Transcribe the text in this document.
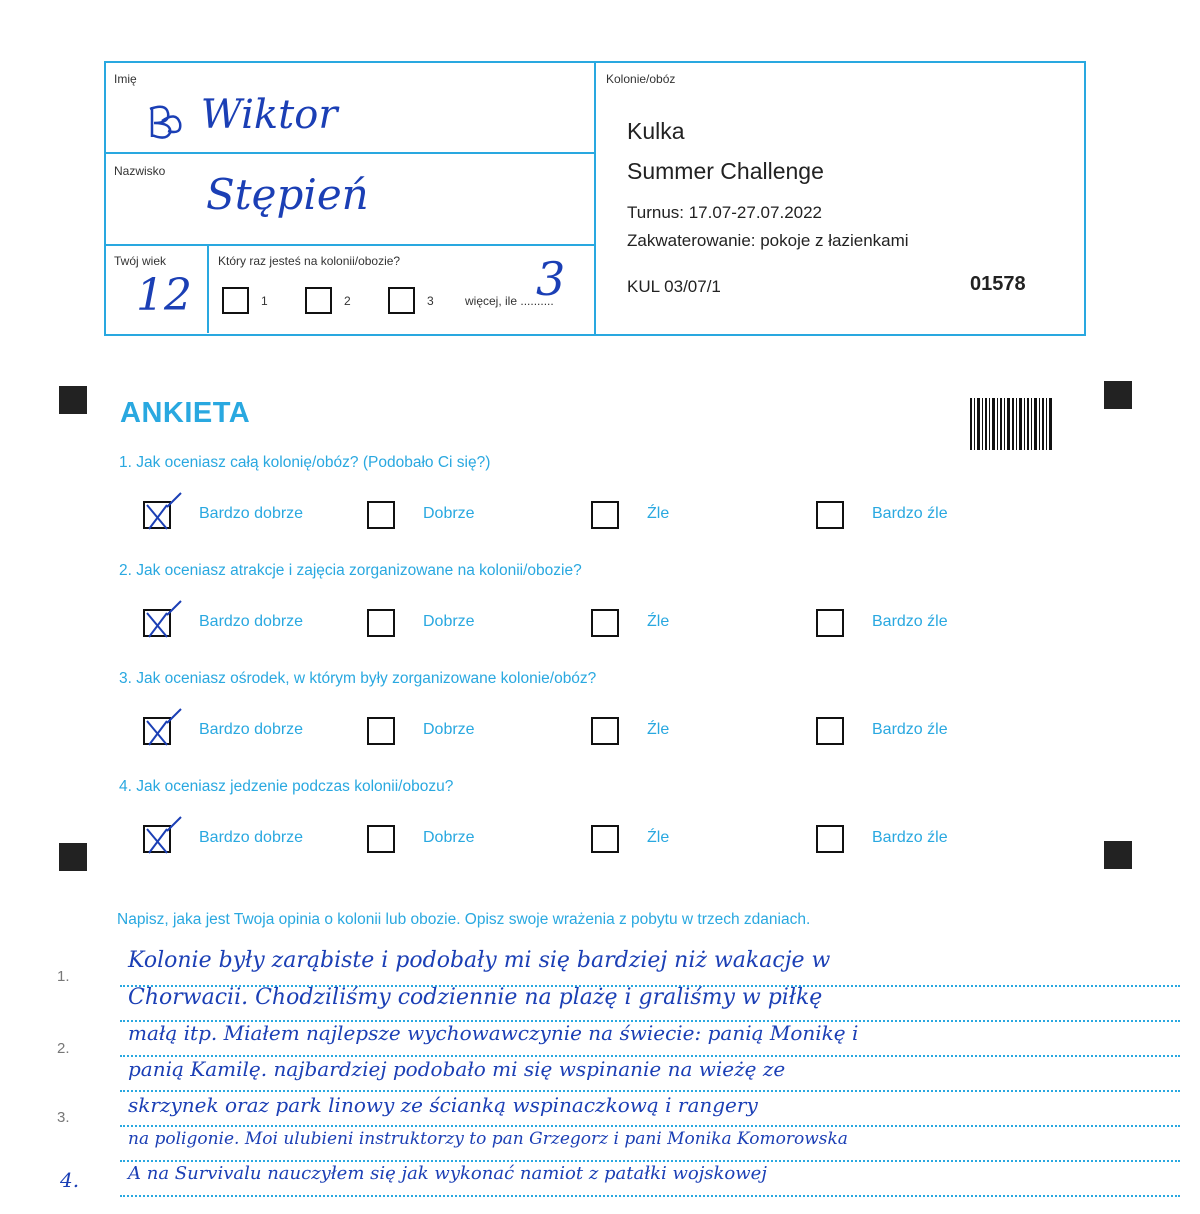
Imię
Wiktor
Nazwisko Stępień
Twój wiek
12
Który raz jesteś na kolonii/obozie?
1	2	3	więcej, ile ..........
3
Kolonie/obóz
Kulka
Summer Challenge
Turnus: 17.07-27.07.2022
Zakwaterowanie: pokoje z łazienkami
KUL 03/07/1	01578
ANKIETA
1. Jak oceniasz całą kolonię/obóz? (Podobało Ci się?)
Bardzo dobrze	Dobrze	Źle	Bardzo źle
2. Jak oceniasz atrakcje i zajęcia zorganizowane na kolonii/obozie?
Bardzo dobrze	Dobrze	Źle	Bardzo źle
3. Jak oceniasz ośrodek, w którym były zorganizowane kolonie/obóz?
Bardzo dobrze	Dobrze	Źle	Bardzo źle
4. Jak oceniasz jedzenie podczas kolonii/obozu?
Bardzo dobrze	Dobrze	Źle	Bardzo źle
Napisz, jaka jest Twoja opinia o kolonii lub obozie. Opisz swoje wrażenia z pobytu w trzech zdaniach.
1.
2.
3.
4.
Kolonie były zarąbiste i podobały mi się bardziej niż wakacje w
Chorwacii. Chodziliśmy codziennie na plażę i graliśmy w piłkę
małą itp. Miałem najlepsze wychowawczynie na świecie: panią Monikę i
panią Kamilę. najbardziej podobało mi się wspinanie na wieżę ze
skrzynek oraz park linowy ze ścianką wspinaczkową i rangery
na poligonie. Moi ulubieni instruktorzy to pan Grzegorz i pani Monika Komorowska
A na Survivalu nauczyłem się jak wykonać namiot z patałki wojskowej
